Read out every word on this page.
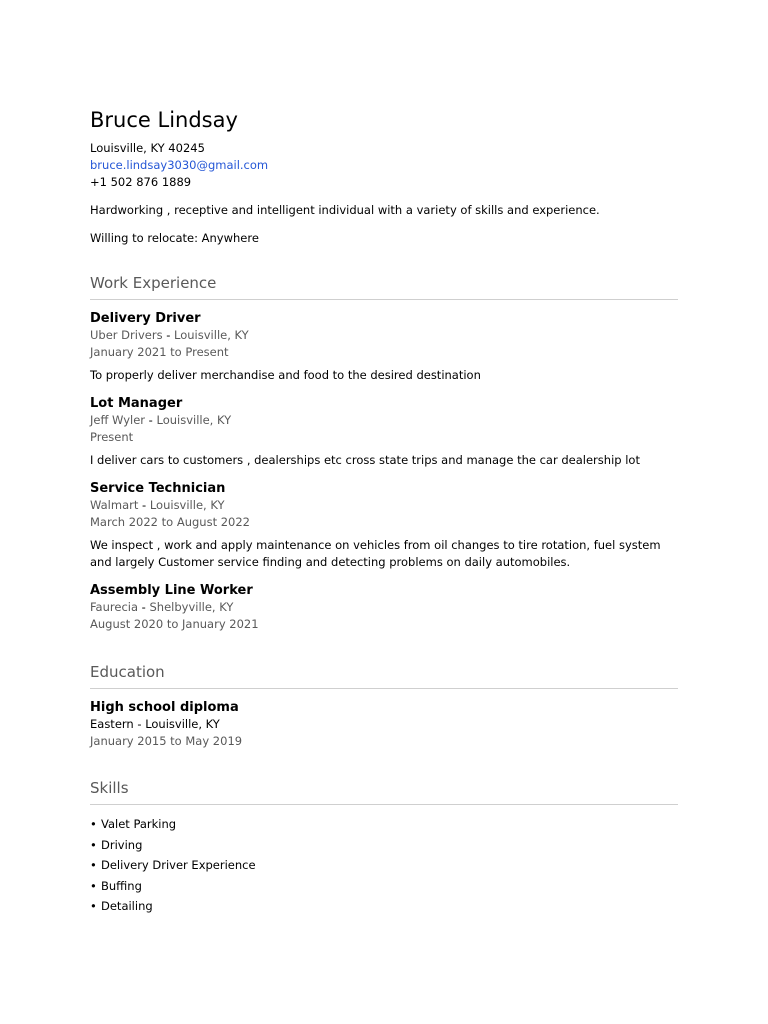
Bruce Lindsay
Louisville, KY 40245
bruce.lindsay3030@gmail.com
+1 502 876 1889
Hardworking , receptive and intelligent individual with a variety of skills and experience.
Willing to relocate: Anywhere
Work Experience
Delivery Driver
Uber Drivers - Louisville, KY
January 2021 to Present
To properly deliver merchandise and food to the desired destination
Lot Manager
Jeff Wyler - Louisville, KY
Present
I deliver cars to customers , dealerships etc cross state trips and manage the car dealership lot
Service Technician
Walmart - Louisville, KY
March 2022 to August 2022
We inspect , work and apply maintenance on vehicles from oil changes to tire rotation, fuel system and largely Customer service finding and detecting problems on daily automobiles.
Assembly Line Worker
Faurecia - Shelbyville, KY
August 2020 to January 2021
Education
High school diploma
Eastern - Louisville, KY
January 2015 to May 2019
Skills
• Valet Parking
• Driving
• Delivery Driver Experience
• Buffing
• Detailing
